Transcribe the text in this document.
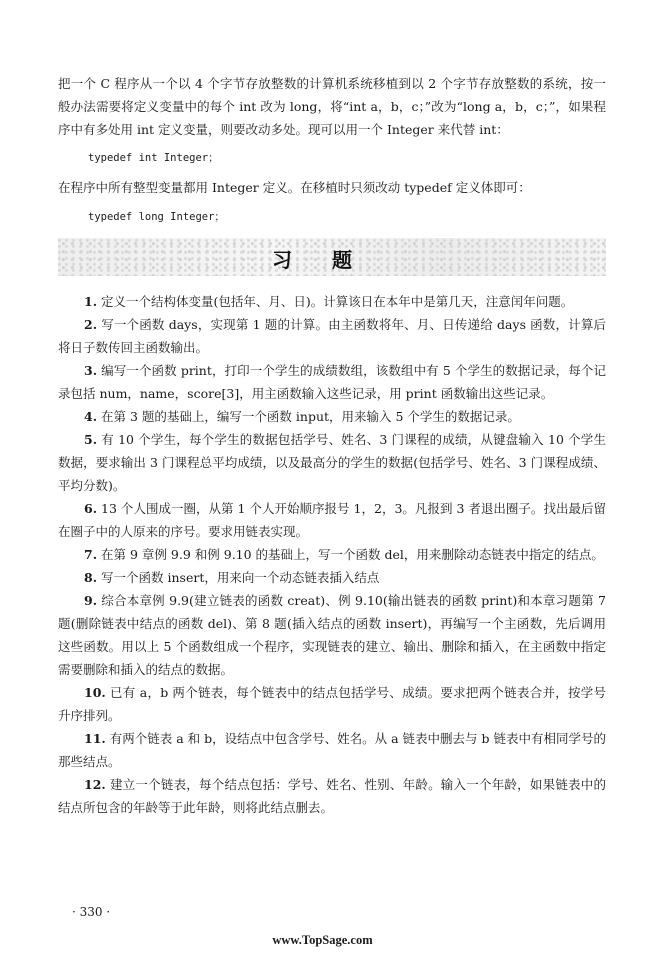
把一个 C 程序从一个以 4 个字节存放整数的计算机系统移植到以 2 个字节存放整数的系统，按一般办法需要将定义变量中的每个 int 改为 long，将“int a，b，c；”改为“long a，b，c；”，如果程序中有多处用 int 定义变量，则要改动多处。现可以用一个 Integer 来代替 int：

typedef int Integer；

在程序中所有整型变量都用 Integer 定义。在移植时只须改动 typedef 定义体即可：

typedef long Integer；
习题

1. 定义一个结构体变量(包括年、月、日)。计算该日在本年中是第几天，注意闰年问题。

2. 写一个函数 days，实现第 1 题的计算。由主函数将年、月、日传递给 days 函数，计算后将日子数传回主函数输出。

3. 编写一个函数 print，打印一个学生的成绩数组，该数组中有 5 个学生的数据记录，每个记录包括 num，name，score[3]，用主函数输入这些记录，用 print 函数输出这些记录。

4. 在第 3 题的基础上，编写一个函数 input，用来输入 5 个学生的数据记录。

5. 有 10 个学生，每个学生的数据包括学号、姓名、3 门课程的成绩，从键盘输入 10 个学生数据，要求输出 3 门课程总平均成绩，以及最高分的学生的数据(包括学号、姓名、3 门课程成绩、平均分数)。

6. 13 个人围成一圈，从第 1 个人开始顺序报号 1，2，3。凡报到 3 者退出圈子。找出最后留在圈子中的人原来的序号。要求用链表实现。

7. 在第 9 章例 9.9 和例 9.10 的基础上，写一个函数 del，用来删除动态链表中指定的结点。

8. 写一个函数 insert，用来向一个动态链表插入结点

9. 综合本章例 9.9(建立链表的函数 creat)、例 9.10(输出链表的函数 print)和本章习题第 7 题(删除链表中结点的函数 del)、第 8 题(插入结点的函数 insert)，再编写一个主函数，先后调用这些函数。用以上 5 个函数组成一个程序，实现链表的建立、输出、删除和插入，在主函数中指定需要删除和插入的结点的数据。

10. 已有 a，b 两个链表，每个链表中的结点包括学号、成绩。要求把两个链表合并，按学号升序排列。

11. 有两个链表 a 和 b，设结点中包含学号、姓名。从 a 链表中删去与 b 链表中有相同学号的那些结点。

12. 建立一个链表，每个结点包括：学号、姓名、性别、年龄。输入一个年龄，如果链表中的结点所包含的年龄等于此年龄，则将此结点删去。

· 330 ·
www.TopSage.com
